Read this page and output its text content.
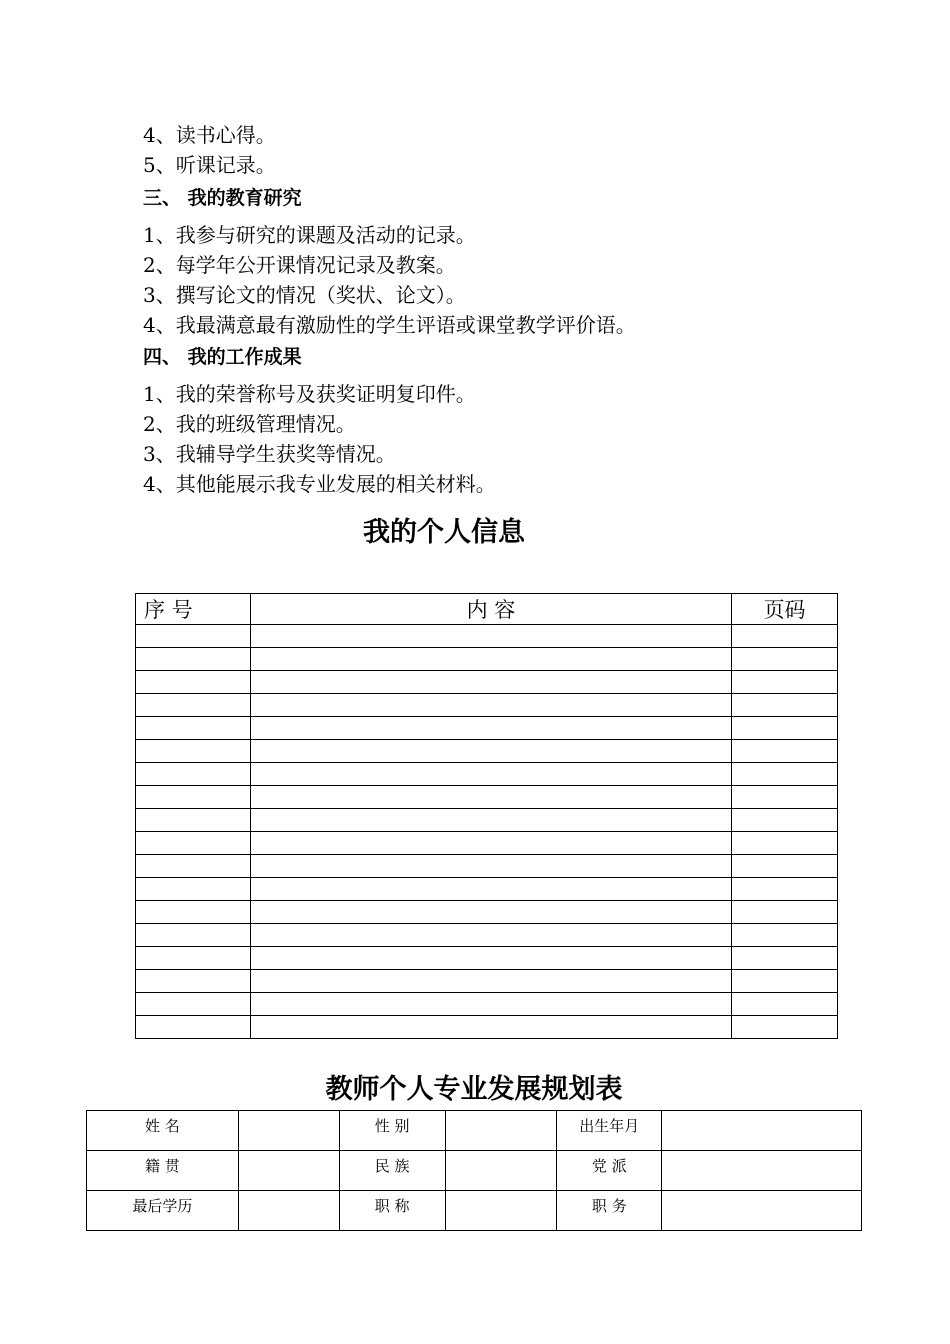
4、读书心得。
5、听课记录。
三、 我的教育研究
1、我参与研究的课题及活动的记录。
2、每学年公开课情况记录及教案。
3、撰写论文的情况（奖状、论文）。
4、我最满意最有激励性的学生评语或课堂教学评价语。
四、 我的工作成果
1、我的荣誉称号及获奖证明复印件。
2、我的班级管理情况。
3、我辅导学生获奖等情况。
4、其他能展示我专业发展的相关材料。
我的个人信息
序 号	内 容	页码

教师个人专业发展规划表
姓 名		性 别		出生年月	
籍 贯		民 族		党 派	
最后学历		职 称		职 务	
